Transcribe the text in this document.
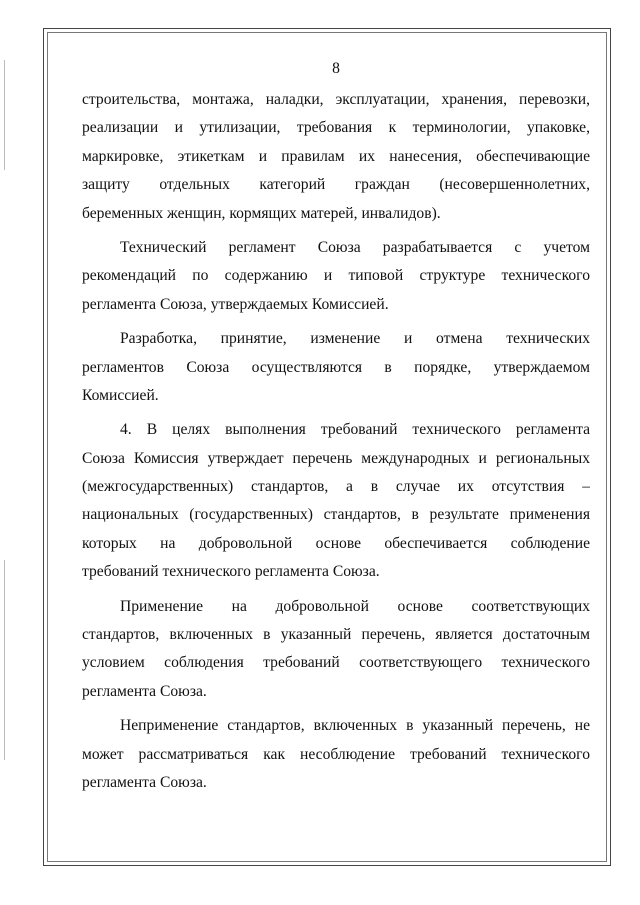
8
строительства, монтажа, наладки, эксплуатации, хранения, перевозки,
реализации и утилизации, требования к терминологии, упаковке,
маркировке, этикеткам и правилам их нанесения, обеспечивающие
защиту отдельных категорий граждан (несовершеннолетних,
беременных женщин, кормящих матерей, инвалидов).
Технический регламент Союза разрабатывается с учетом
рекомендаций по содержанию и типовой структуре технического
регламента Союза, утверждаемых Комиссией.
Разработка, принятие, изменение и отмена технических
регламентов Союза осуществляются в порядке, утверждаемом
Комиссией.
4. В целях выполнения требований технического регламента
Союза Комиссия утверждает перечень международных и региональных
(межгосударственных) стандартов, а в случае их отсутствия –
национальных (государственных) стандартов, в результате применения
которых на добровольной основе обеспечивается соблюдение
требований технического регламента Союза.
Применение на добровольной основе соответствующих
стандартов, включенных в указанный перечень, является достаточным
условием соблюдения требований соответствующего технического
регламента Союза.
Неприменение стандартов, включенных в указанный перечень, не
может рассматриваться как несоблюдение требований технического
регламента Союза.
